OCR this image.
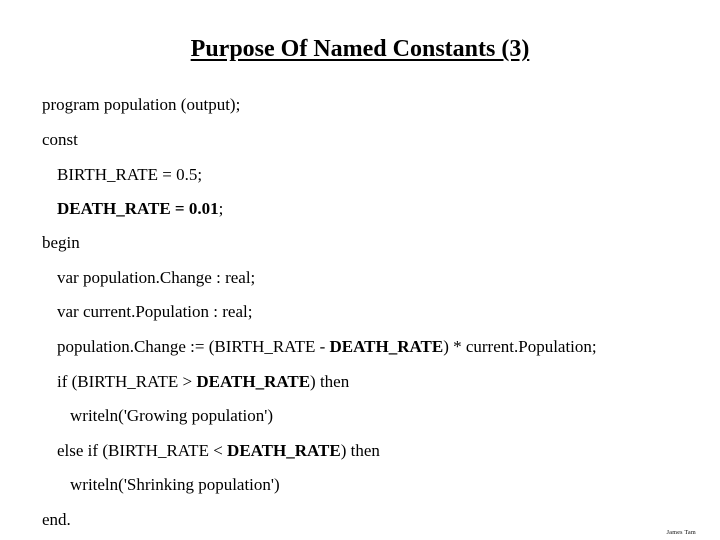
Purpose Of Named Constants (3)
program population (output);
const
BIRTH_RATE = 0.5;
DEATH_RATE = 0.01;
begin
var population.Change : real;
var current.Population : real;
population.Change := (BIRTH_RATE - DEATH_RATE) * current.Population;
if (BIRTH_RATE > DEATH_RATE) then
writeln('Growing population')
else if (BIRTH_RATE < DEATH_RATE) then
writeln('Shrinking population')
end.
James Tam
